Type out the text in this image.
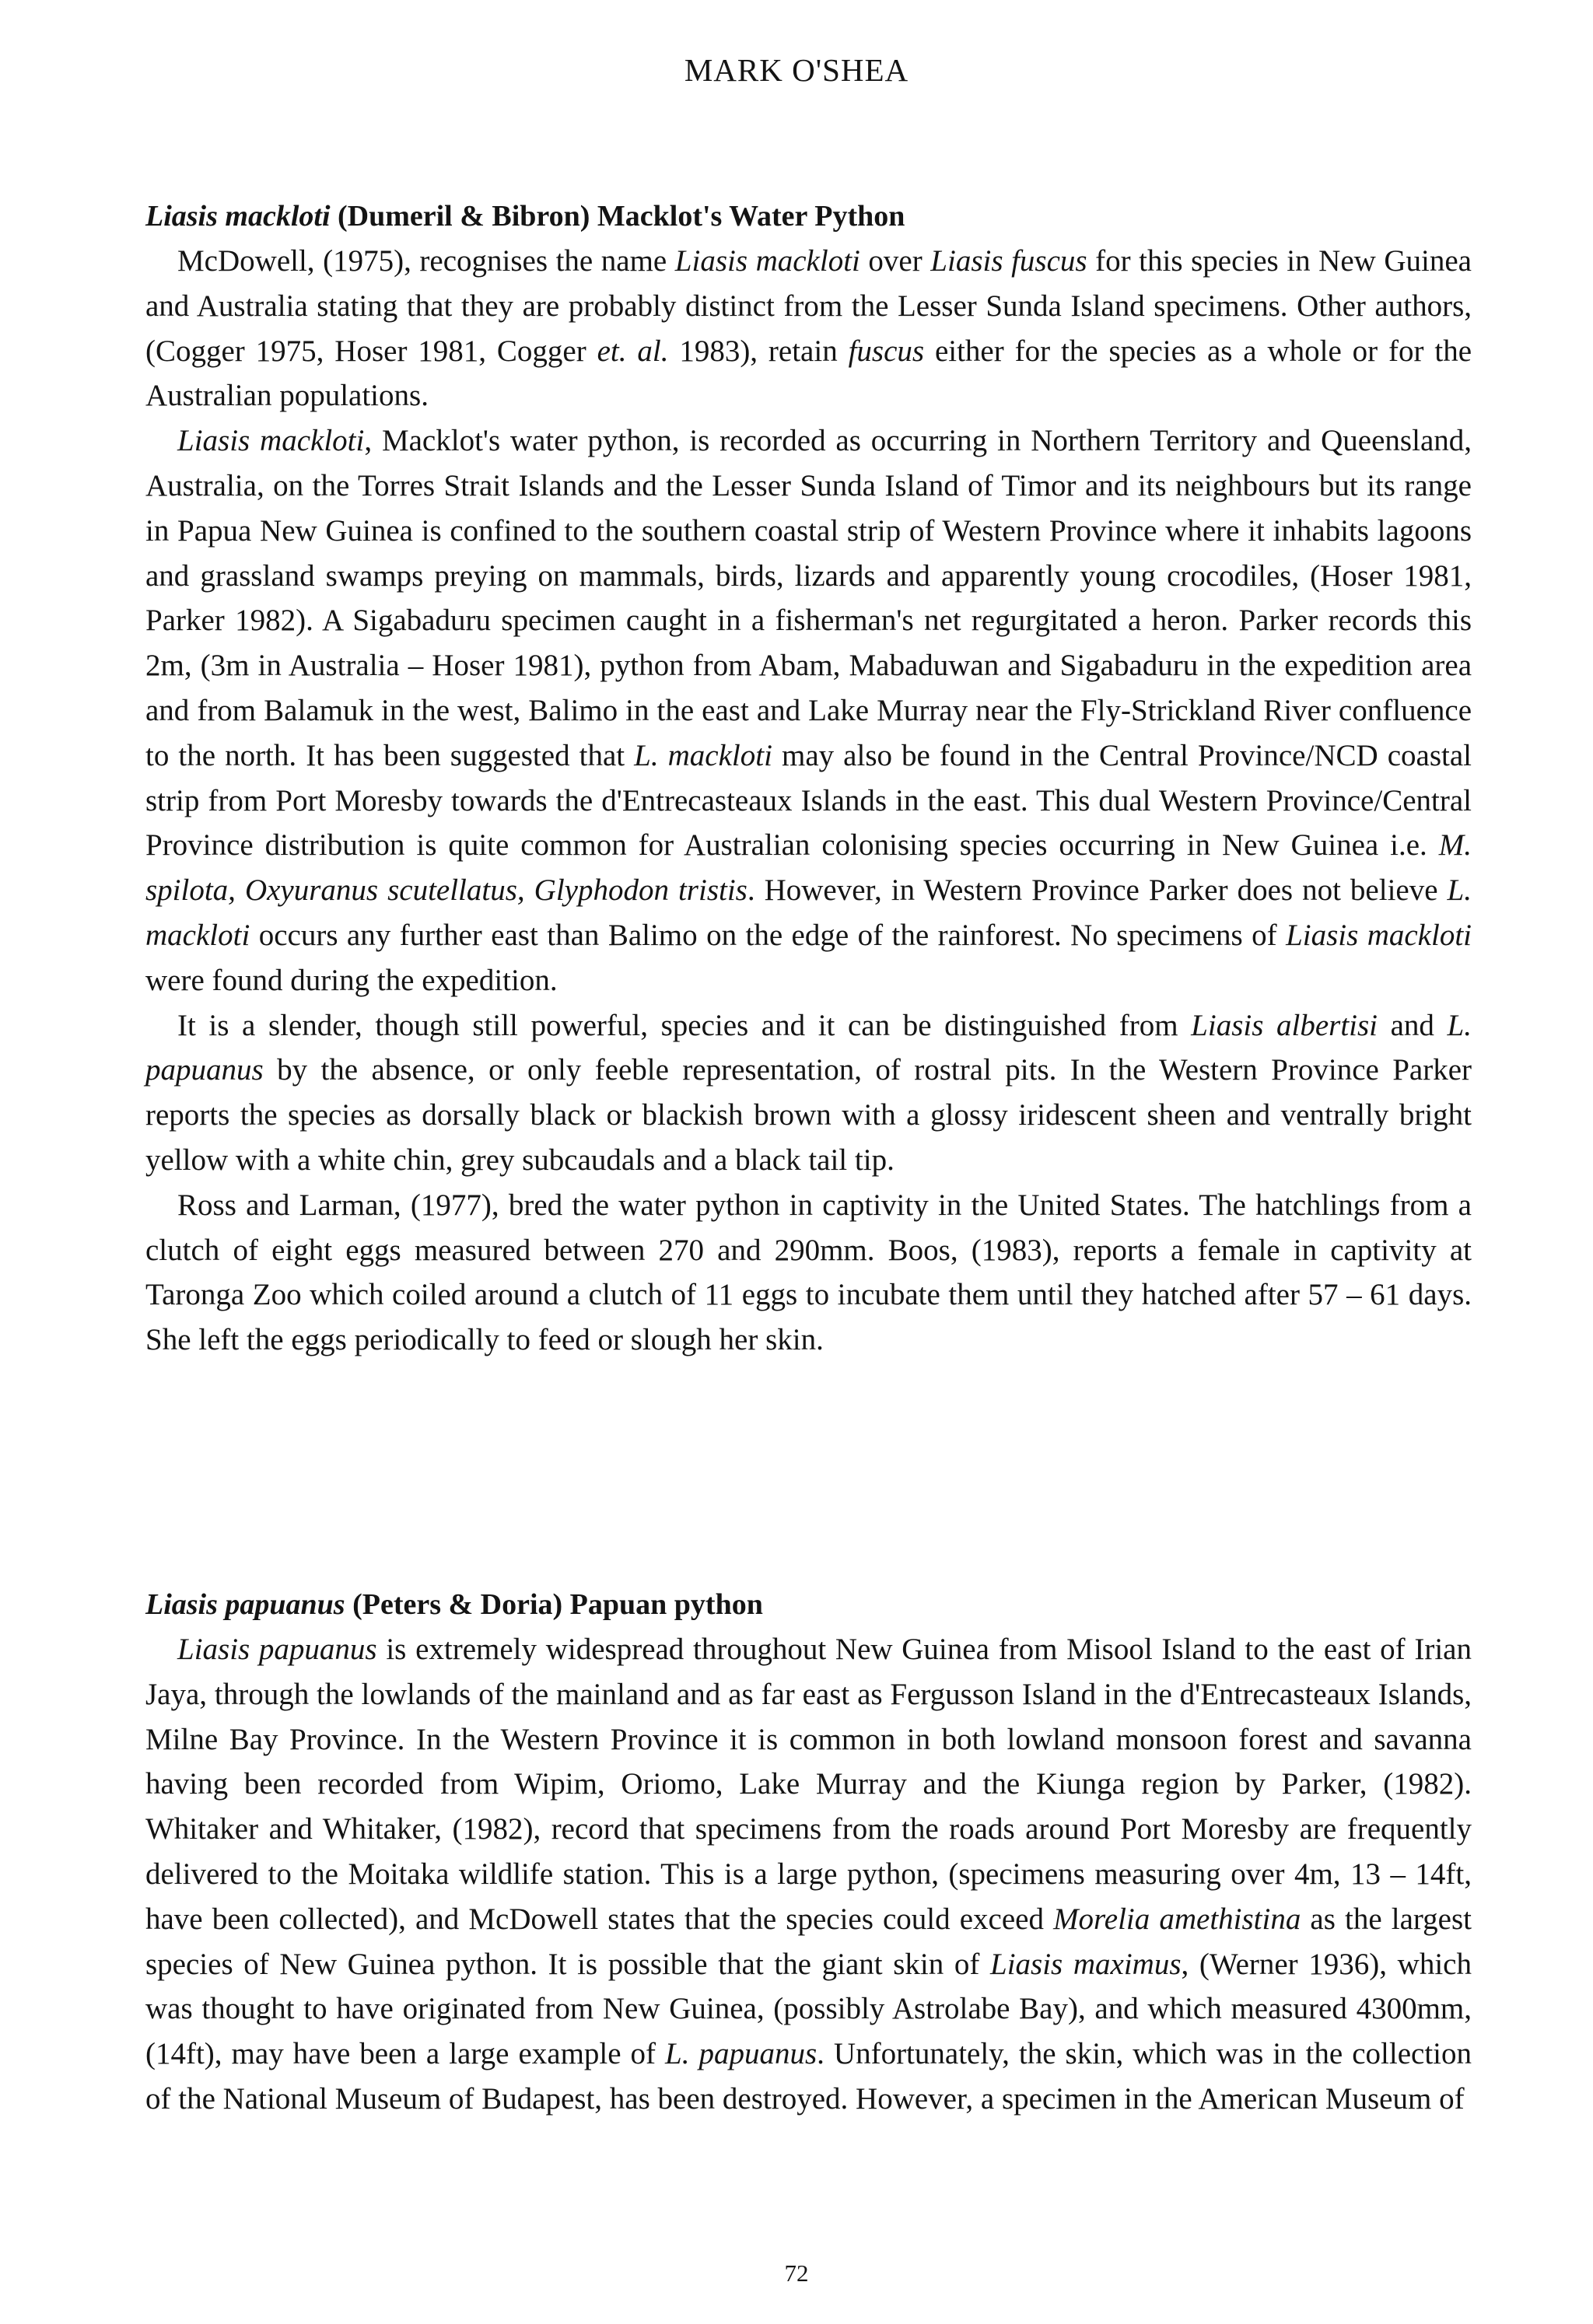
MARK O'SHEA
Liasis mackloti (Dumeril & Bibron) Macklot's Water Python

McDowell, (1975), recognises the name Liasis mackloti over Liasis fuscus for this species in New Guinea and Australia stating that they are probably distinct from the Lesser Sunda Island specimens. Other authors, (Cogger 1975, Hoser 1981, Cogger et. al. 1983), retain fuscus either for the species as a whole or for the Australian populations.

Liasis mackloti, Macklot's water python, is recorded as occurring in Northern Territory and Queensland, Australia, on the Torres Strait Islands and the Lesser Sunda Island of Timor and its neighbours but its range in Papua New Guinea is confined to the southern coastal strip of Western Province where it inhabits lagoons and grassland swamps preying on mammals, birds, lizards and apparently young crocodiles, (Hoser 1981, Parker 1982). A Sigabaduru specimen caught in a fisherman's net regurgitated a heron. Parker records this 2m, (3m in Australia – Hoser 1981), python from Abam, Mabaduwan and Sigabaduru in the expedition area and from Balamuk in the west, Balimo in the east and Lake Murray near the Fly-Strickland River confluence to the north. It has been suggested that L. mackloti may also be found in the Central Province/NCD coastal strip from Port Moresby towards the d'Entrecasteaux Islands in the east. This dual Western Province/Central Province distribution is quite common for Australian colonising species occurring in New Guinea i.e. M. spilota, Oxyuranus scutellatus, Glyphodon tristis. However, in Western Province Parker does not believe L. mackloti occurs any further east than Balimo on the edge of the rainforest. No specimens of Liasis mackloti were found during the expedition.

It is a slender, though still powerful, species and it can be distinguished from Liasis albertisi and L. papuanus by the absence, or only feeble representation, of rostral pits. In the Western Province Parker reports the species as dorsally black or blackish brown with a glossy iridescent sheen and ventrally bright yellow with a white chin, grey subcaudals and a black tail tip.

Ross and Larman, (1977), bred the water python in captivity in the United States. The hatchlings from a clutch of eight eggs measured between 270 and 290mm. Boos, (1983), reports a female in captivity at Taronga Zoo which coiled around a clutch of 11 eggs to incubate them until they hatched after 57 – 61 days. She left the eggs periodically to feed or slough her skin.

Liasis papuanus (Peters & Doria) Papuan python

Liasis papuanus is extremely widespread throughout New Guinea from Misool Island to the east of Irian Jaya, through the lowlands of the mainland and as far east as Fergusson Island in the d'Entrecasteaux Islands, Milne Bay Province. In the Western Province it is common in both lowland monsoon forest and savanna having been recorded from Wipim, Oriomo, Lake Murray and the Kiunga region by Parker, (1982). Whitaker and Whitaker, (1982), record that specimens from the roads around Port Moresby are frequently delivered to the Moitaka wildlife station. This is a large python, (specimens measuring over 4m, 13 – 14ft, have been collected), and McDowell states that the species could exceed Morelia amethistina as the largest species of New Guinea python. It is possible that the giant skin of Liasis maximus, (Werner 1936), which was thought to have originated from New Guinea, (possibly Astrolabe Bay), and which measured 4300mm, (14ft), may have been a large example of L. papuanus. Unfortunately, the skin, which was in the collection of the National Museum of Budapest, has been destroyed. However, a specimen in the American Museum of

72
